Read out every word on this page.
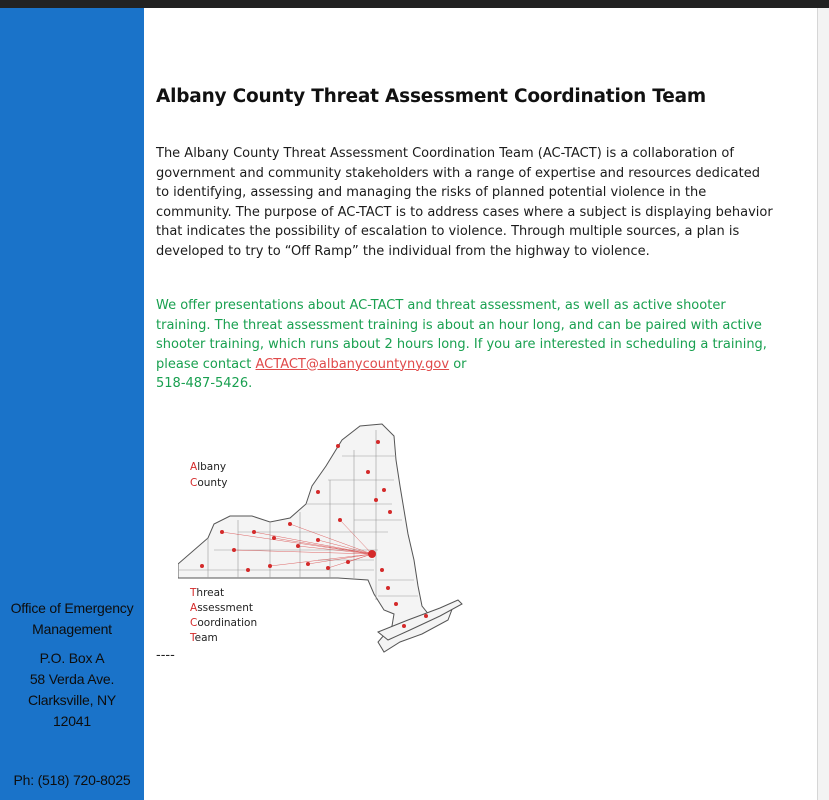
Office of Emergency
Management
P.O. Box A
58 Verda Ave.
Clarksville, NY
12041
Ph: (518) 720-8025
Albany County Threat Assessment Coordination Team
The Albany County Threat Assessment Coordination Team (AC-TACT) is a collaboration of government and community stakeholders with a range of expertise and resources dedicated to identifying, assessing and managing the risks of planned potential violence in the community. The purpose of AC-TACT is to address cases where a subject is displaying behavior that indicates the possibility of escalation to violence. Through multiple sources, a plan is developed to try to “Off Ramp” the individual from the highway to violence.
We offer presentations about AC-TACT and threat assessment, as well as active shooter training. The threat assessment training is about an hour long, and can be paired with active shooter training, which runs about 2 hours long. If you are interested in scheduling a training, please contact ACTACT@albanycountyny.gov or
518-487-5426.
Albany
County
Threat
Assessment
Coordination
Team
----
